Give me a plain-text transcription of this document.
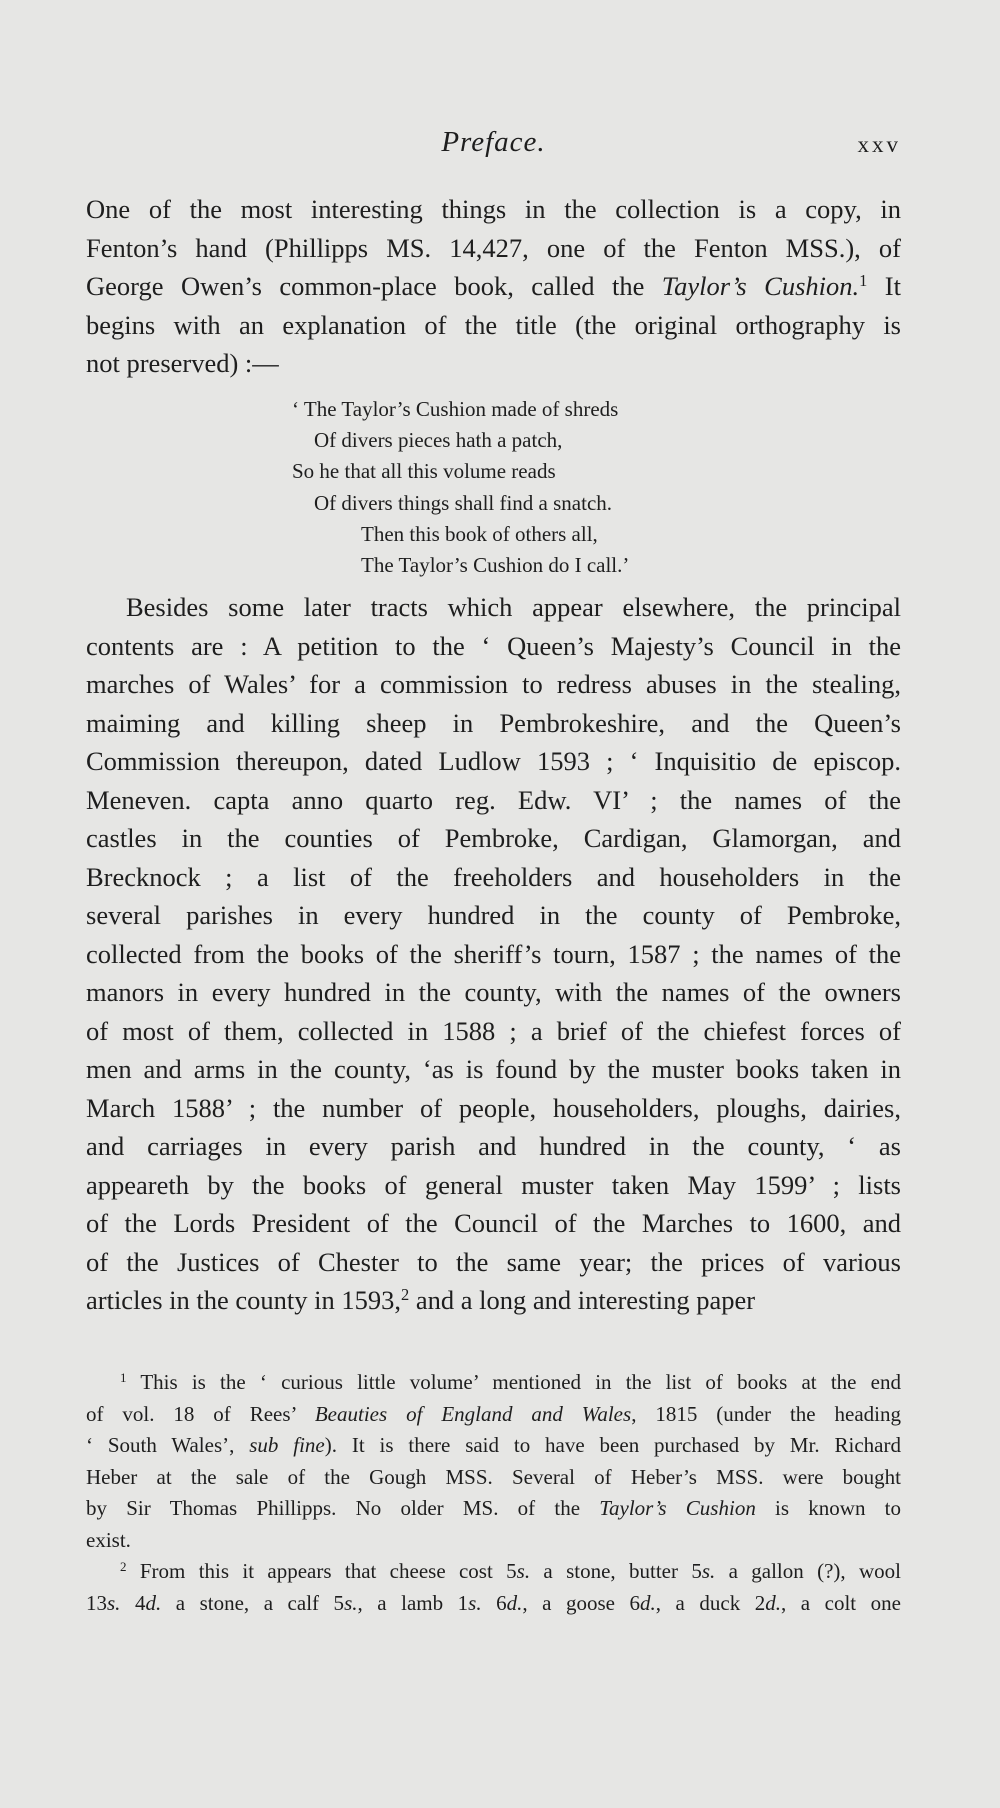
Preface.	xxv
One of the most interesting things in the collection is a copy, in
Fenton’s hand (Phillipps MS. 14,427, one of the Fenton MSS.), of
George Owen’s common-place book, called the Taylor’s Cushion.$^1$ It
begins with an explanation of the title (the original orthography is
not preserved) :—
‘ The Taylor’s Cushion made of shreds
Of divers pieces hath a patch,
So he that all this volume reads
Of divers things shall find a snatch.
Then this book of others all,
The Taylor’s Cushion do I call.’
Besides some later tracts which appear elsewhere, the principal
contents are : A petition to the ‘ Queen’s Majesty’s Council in the
marches of Wales’ for a commission to redress abuses in the stealing,
maiming and killing sheep in Pembrokeshire, and the Queen’s
Commission thereupon, dated Ludlow 1593 ; ‘ Inquisitio de episcop.
Meneven. capta anno quarto reg. Edw. VI’ ; the names of the
castles in the counties of Pembroke, Cardigan, Glamorgan, and
Brecknock ; a list of the freeholders and householders in the
several parishes in every hundred in the county of Pembroke,
collected from the books of the sheriff’s tourn, 1587 ; the names of the
manors in every hundred in the county, with the names of the owners
of most of them, collected in 1588 ; a brief of the chiefest forces of
men and arms in the county, ‘as is found by the muster books taken in
March 1588’ ; the number of people, householders, ploughs, dairies,
and carriages in every parish and hundred in the county, ‘ as
appeareth by the books of general muster taken May 1599’ ; lists
of the Lords President of the Council of the Marches to 1600, and
of the Justices of Chester to the same year; the prices of various
articles in the county in 1593,$^2$ and a long and interesting paper
$^1$ This is the ‘ curious little volume’ mentioned in the list of books at the end
of vol. 18 of Rees’ Beauties of England and Wales, 1815 (under the heading
‘ South Wales’, sub fine). It is there said to have been purchased by Mr. Richard
Heber at the sale of the Gough MSS. Several of Heber’s MSS. were bought
by Sir Thomas Phillipps. No older MS. of the Taylor’s Cushion is known to
exist.
$^2$ From this it appears that cheese cost 5s. a stone, butter 5s. a gallon (?), wool
13s. 4d. a stone, a calf 5s., a lamb 1s. 6d., a goose 6d., a duck 2d., a colt one
